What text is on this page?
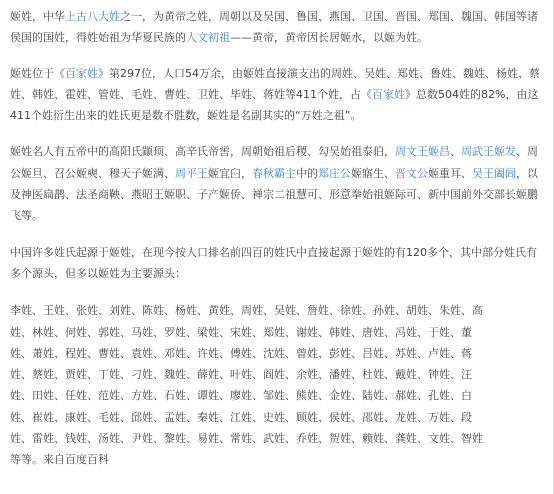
姬姓，中华上古八大姓之一，为黄帝之姓，周朝以及吴国、鲁国、燕国、卫国、晋国、郑国、魏国、韩国等诸侯国的国姓，得姓始祖为华夏民族的人文初祖——黄帝，黄帝因长居姬水，以姬为姓。

姬姓位于《百家姓》第297位，人口54万余，由姬姓直接演支出的周姓、吴姓、郑姓、鲁姓、魏姓、杨姓、蔡姓、韩姓、霍姓、管姓、毛姓、曹姓、卫姓、毕姓、蒋姓等411个姓，占《百家姓》总数504姓的82%，由这411个姓衍生出来的姓氏更是数不胜数，姬姓是名副其实的“万姓之祖”。

姬姓名人有五帝中的高阳氏颛顼、高辛氏帝喾，周朝始祖后稷、勾吴始祖泰伯，周文王姬昌、周武王姬发、周公姬旦、召公姬奭、穆天子姬满、周平王姬宜臼，春秋霸主中的郑庄公姬寤生、晋文公姬重耳、吴王阖闾，以及神医扁鹊、法圣商鞅、燕昭王姬职、子产姬侨、禅宗二祖慧可、形意拳始祖姬际可、新中国前外交部长姬鹏飞等。

中国许多姓氏起源于姬姓，在现今按人口排名前四百的姓氏中直接起源于姬姓的有120多个，其中部分姓氏有多个源头，但多以姬姓为主要源头：

李姓、王姓、张姓、刘姓、陈姓、杨姓、黄姓、周姓、吴姓、詹姓、徐姓、孙姓、胡姓、朱姓、高
姓、林姓、何姓、郭姓、马姓、罗姓、梁姓、宋姓、郑姓、谢姓、韩姓、唐姓、冯姓、于姓、董
姓、萧姓、程姓、曹姓、袁姓、邓姓、许姓、傅姓、沈姓、曾姓、彭姓、吕姓、苏姓、卢姓、蒋
姓、蔡姓、贾姓、丁姓、刁姓、魏姓、薛姓、叶姓、阎姓、余姓、潘姓、杜姓、戴姓、钟姓、汪
姓、田姓、任姓、范姓、方姓、石姓、谭姓、廖姓、邹姓、熊姓、金姓、陆姓、郝姓、孔姓、白
姓、崔姓、康姓、毛姓、邱姓、孟姓、秦姓、江姓、史姓、顾姓、侯姓、邵姓、龙姓、万姓、段
姓、雷姓、钱姓、汤姓、尹姓、黎姓、易姓、常姓、武姓、乔姓、贺姓、赖姓、龚姓、文姓、智姓
等等。来自百度百科
